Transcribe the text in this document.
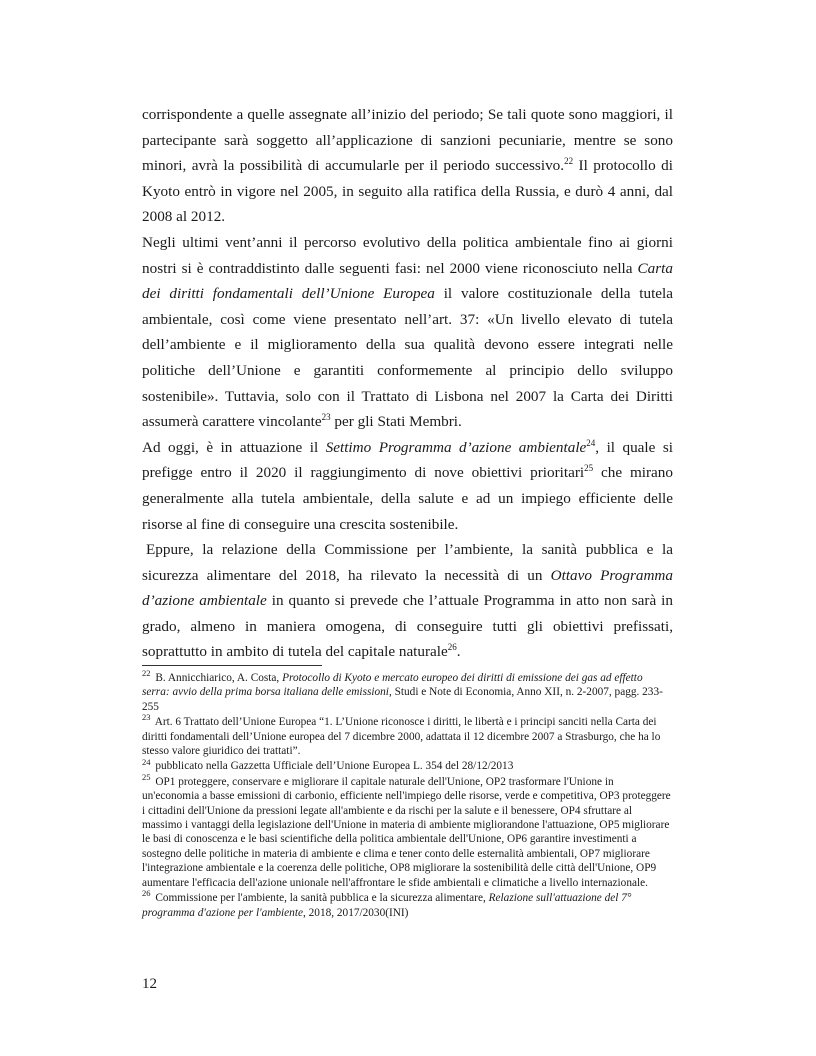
corrispondente a quelle assegnate all’inizio del periodo; Se tali quote sono maggiori, il partecipante sarà soggetto all’applicazione di sanzioni pecuniarie, mentre se sono minori, avrà la possibilità di accumularle per il periodo successivo.$^{22}$ Il protocollo di Kyoto entrò in vigore nel 2005, in seguito alla ratifica della Russia, e durò 4 anni, dal 2008 al 2012.

Negli ultimi vent’anni il percorso evolutivo della politica ambientale fino ai giorni nostri si è contraddistinto dalle seguenti fasi: nel 2000 viene riconosciuto nella Carta dei diritti fondamentali dell’Unione Europea il valore costituzionale della tutela ambientale, così come viene presentato nell’art. 37: «Un livello elevato di tutela dell’ambiente e il miglioramento della sua qualità devono essere integrati nelle politiche dell’Unione e garantiti conformemente al principio dello sviluppo sostenibile». Tuttavia, solo con il Trattato di Lisbona nel 2007 la Carta dei Diritti assumerà carattere vincolante$^{23}$ per gli Stati Membri.

Ad oggi, è in attuazione il Settimo Programma d’azione ambientale$^{24}$, il quale si prefigge entro il 2020 il raggiungimento di nove obiettivi prioritari$^{25}$ che mirano generalmente alla tutela ambientale, della salute e ad un impiego efficiente delle risorse al fine di conseguire una crescita sostenibile.

Eppure, la relazione della Commissione per l’ambiente, la sanità pubblica e la sicurezza alimentare del 2018, ha rilevato la necessità di un Ottavo Programma d’azione ambientale in quanto si prevede che l’attuale Programma in atto non sarà in grado, almeno in maniera omogena, di conseguire tutti gli obiettivi prefissati, soprattutto in ambito di tutela del capitale naturale$^{26}$.

$^{22}$ B. Annicchiarico, A. Costa, Protocollo di Kyoto e mercato europeo dei diritti di emissione dei gas ad effetto serra: avvio della prima borsa italiana delle emissioni, Studi e Note di Economia, Anno XII, n. 2-2007, pagg. 233-255

$^{23}$ Art. 6 Trattato dell’Unione Europea “1. L’Unione riconosce i diritti, le libertà e i principi sanciti nella Carta dei diritti fondamentali dell’Unione europea del 7 dicembre 2000, adattata il 12 dicembre 2007 a Strasburgo, che ha lo stesso valore giuridico dei trattati”.

$^{24}$ pubblicato nella Gazzetta Ufficiale dell’Unione Europea L. 354 del 28/12/2013

$^{25}$ OP1 proteggere, conservare e migliorare il capitale naturale dell'Unione, OP2 trasformare l'Unione in un'economia a basse emissioni di carbonio, efficiente nell'impiego delle risorse, verde e competitiva, OP3 proteggere i cittadini dell'Unione da pressioni legate all'ambiente e da rischi per la salute e il benessere, OP4 sfruttare al massimo i vantaggi della legislazione dell'Unione in materia di ambiente migliorandone l'attuazione, OP5 migliorare le basi di conoscenza e le basi scientifiche della politica ambientale dell'Unione, OP6 garantire investimenti a sostegno delle politiche in materia di ambiente e clima e tener conto delle esternalità ambientali, OP7 migliorare l'integrazione ambientale e la coerenza delle politiche, OP8 migliorare la sostenibilità delle città dell'Unione, OP9 aumentare l'efficacia dell'azione unionale nell'affrontare le sfide ambientali e climatiche a livello internazionale.

$^{26}$ Commissione per l'ambiente, la sanità pubblica e la sicurezza alimentare, Relazione sull'attuazione del 7° programma d'azione per l'ambiente, 2018, 2017/2030(INI)

12
